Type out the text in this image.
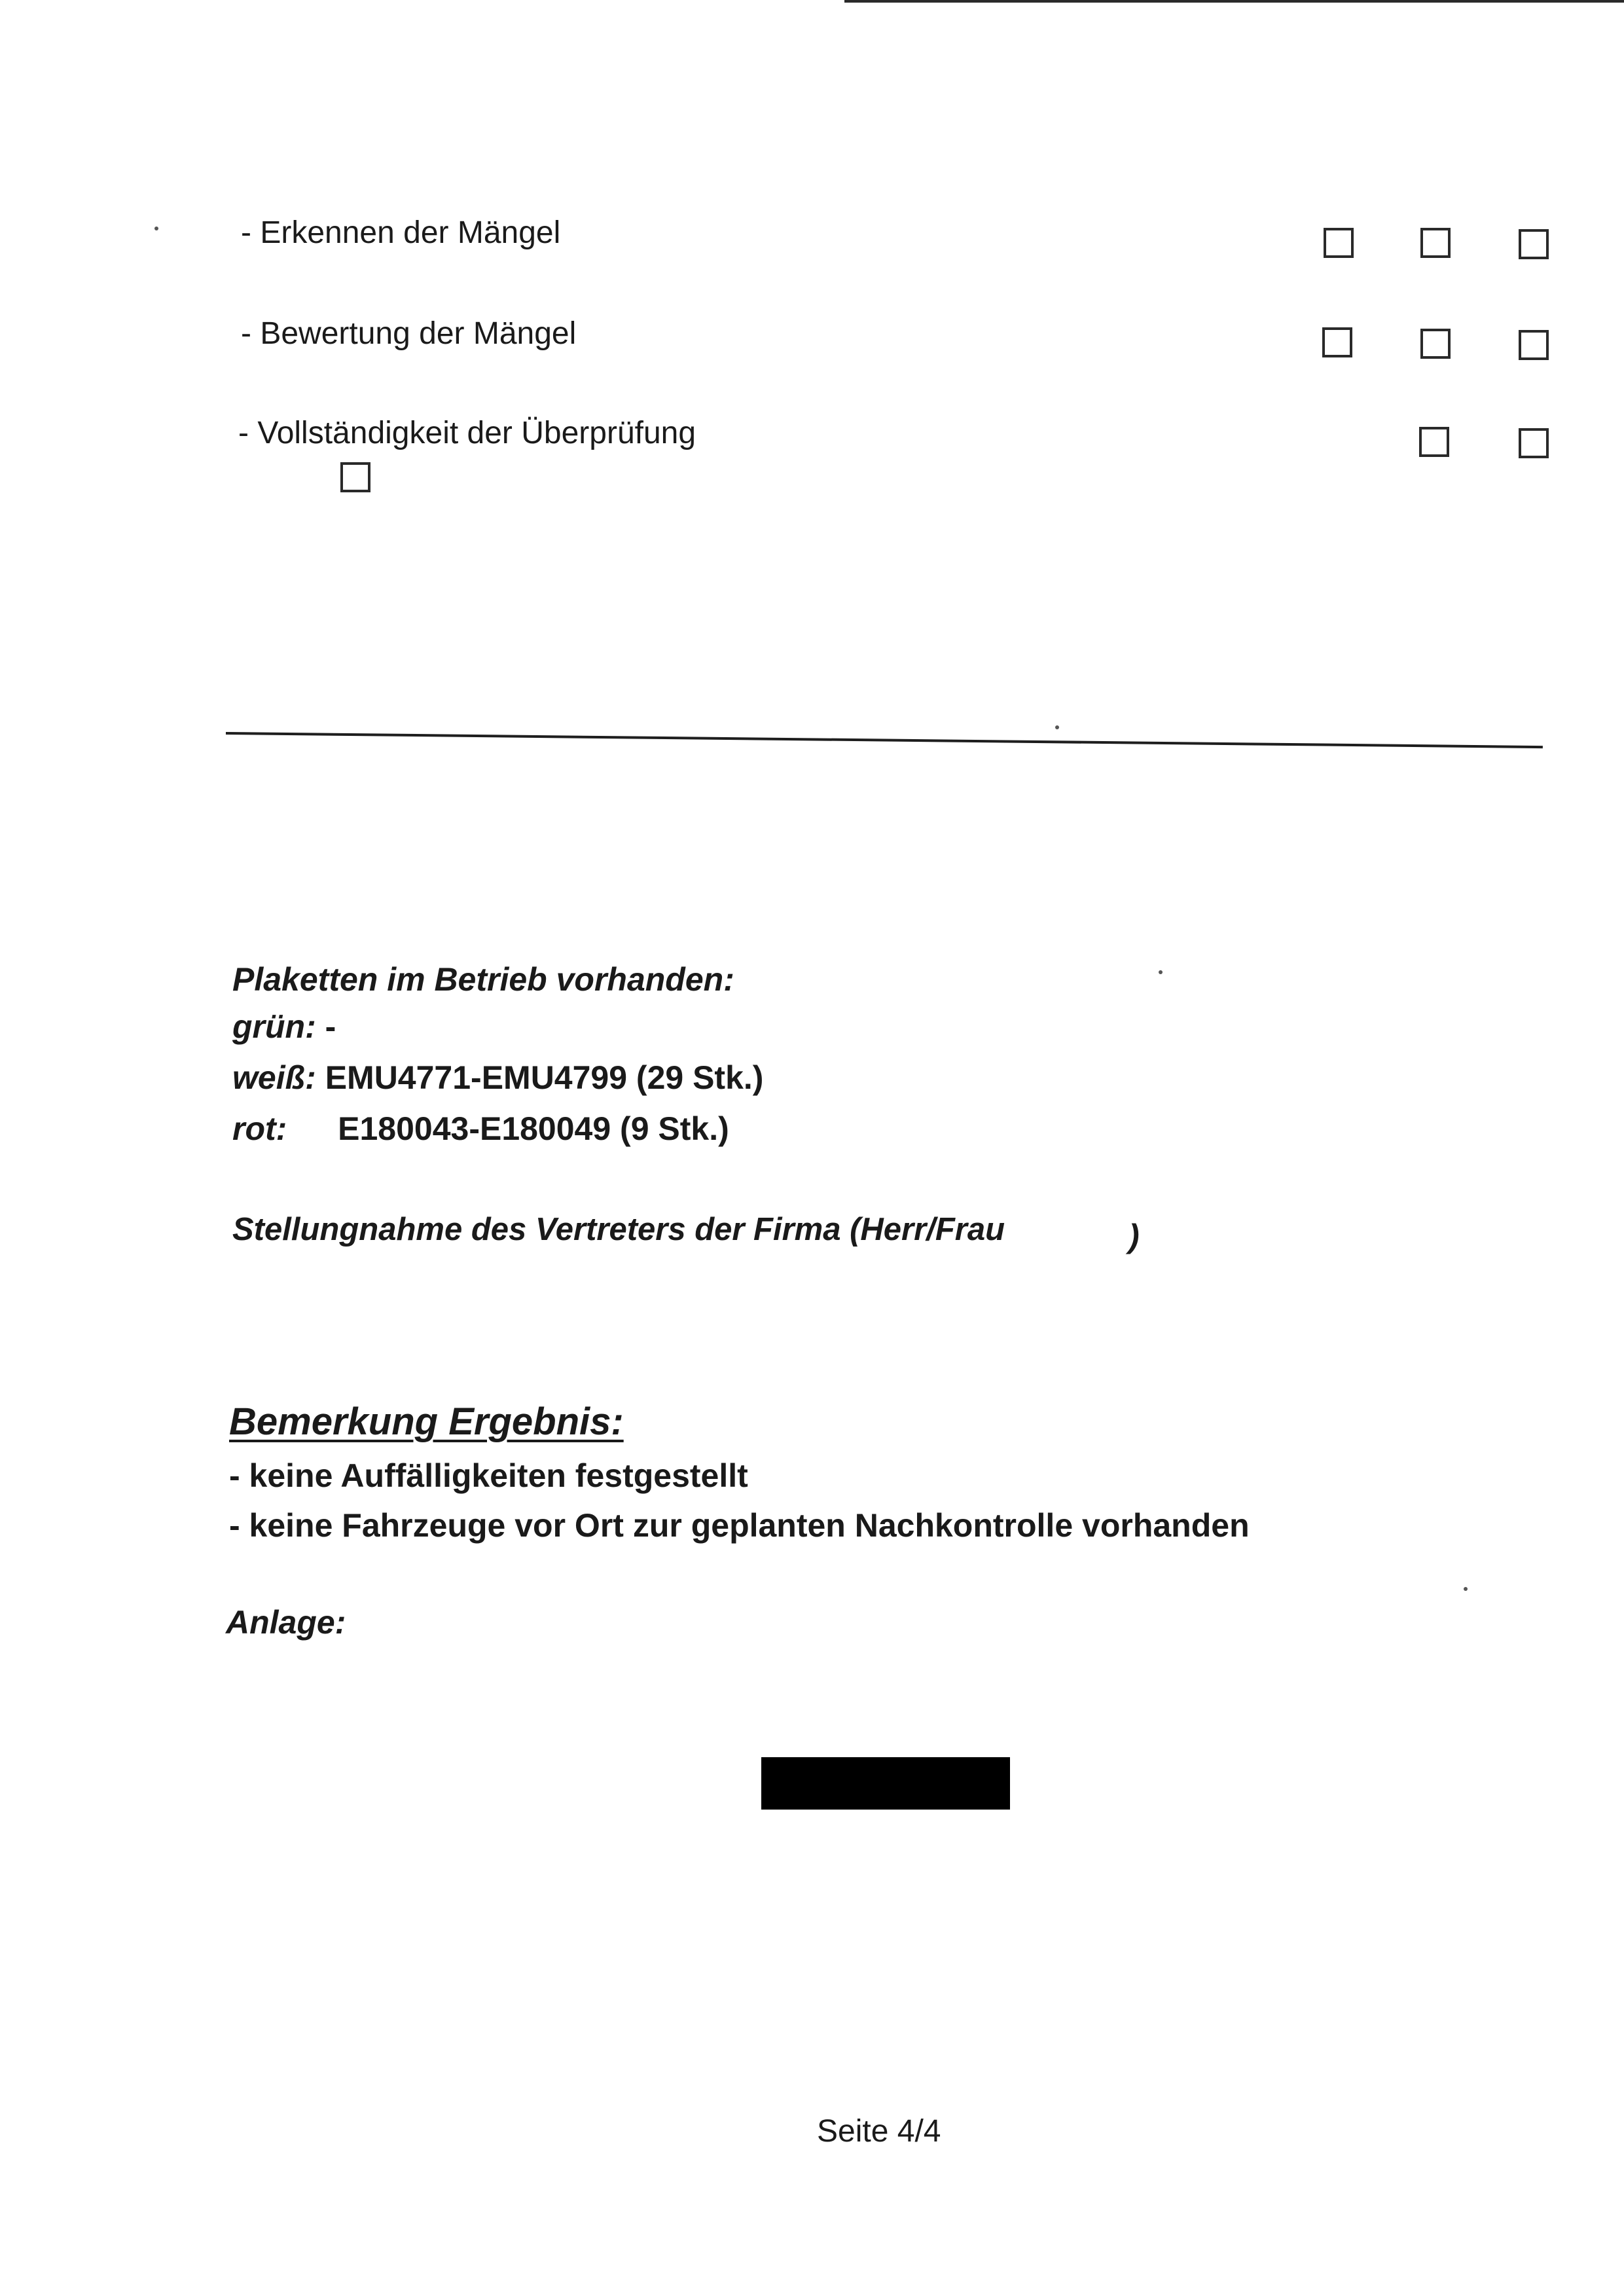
- Erkennen der Mängel
- Bewertung der Mängel
- Vollständigkeit der Überprüfung
Plaketten im Betrieb vorhanden:
grün: -
weiß: EMU4771-EMU4799 (29 Stk.)
rot: E180043-E180049 (9 Stk.)
Stellungnahme des Vertreters der Firma (Herr/Frau	)
Bemerkung Ergebnis:
- keine Auffälligkeiten festgestellt
- keine Fahrzeuge vor Ort zur geplanten Nachkontrolle vorhanden
Anlage:
Seite 4/4
